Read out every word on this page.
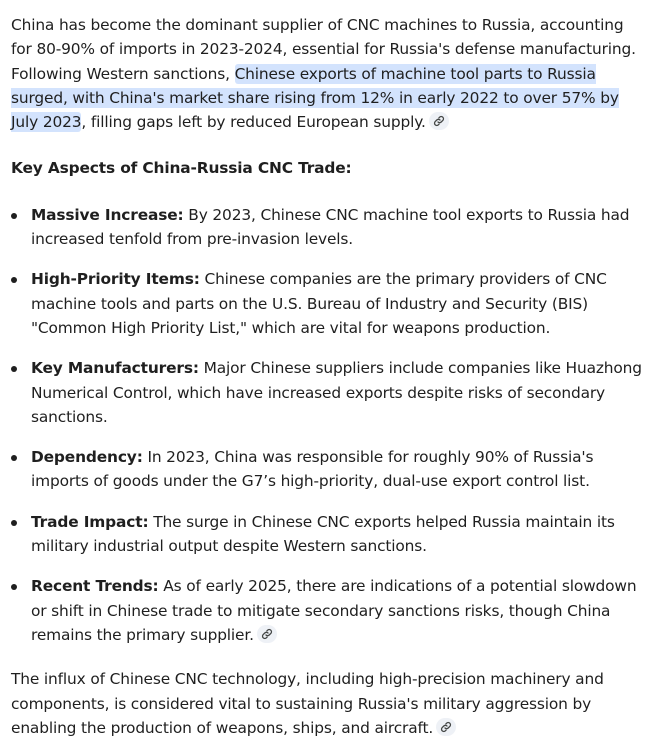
China has become the dominant supplier of CNC machines to Russia, accounting for 80-90% of imports in 2023-2024, essential for Russia's defense manufacturing. Following Western sanctions, Chinese exports of machine tool parts to Russia surged, with China's market share rising from 12% in early 2022 to over 57% by July 2023, filling gaps left by reduced European supply.

Key Aspects of China-Russia CNC Trade:

Massive Increase: By 2023, Chinese CNC machine tool exports to Russia had increased tenfold from pre-invasion levels.
High-Priority Items: Chinese companies are the primary providers of CNC machine tools and parts on the U.S. Bureau of Industry and Security (BIS) "Common High Priority List," which are vital for weapons production.
Key Manufacturers: Major Chinese suppliers include companies like Huazhong Numerical Control, which have increased exports despite risks of secondary sanctions.
Dependency: In 2023, China was responsible for roughly 90% of Russia's imports of goods under the G7’s high-priority, dual-use export control list.
Trade Impact: The surge in Chinese CNC exports helped Russia maintain its military industrial output despite Western sanctions.
Recent Trends: As of early 2025, there are indications of a potential slowdown or shift in Chinese trade to mitigate secondary sanctions risks, though China remains the primary supplier.

The influx of Chinese CNC technology, including high-precision machinery and components, is considered vital to sustaining Russia's military aggression by enabling the production of weapons, ships, and aircraft.
